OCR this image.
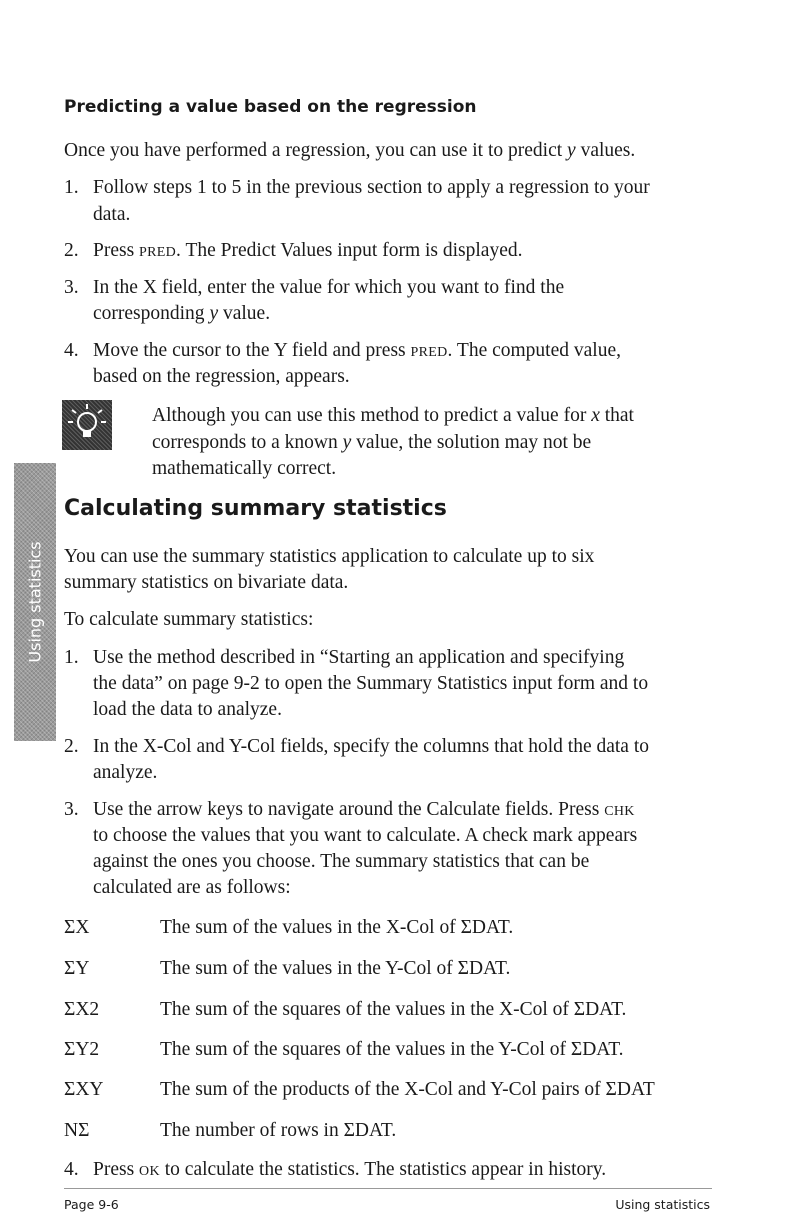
Using statistics
Predicting a value based on the regression
Once you have performed a regression, you can use it to predict y values.
1. Follow steps 1 to 5 in the previous section to apply a regression to your
data.
2. Press PRED. The Predict Values input form is displayed.
3. In the X field, enter the value for which you want to find the
corresponding y value.
4. Move the cursor to the Y field and press PRED. The computed value,
based on the regression, appears.
Although you can use this method to predict a value for x that
corresponds to a known y value, the solution may not be
mathematically correct.
Calculating summary statistics
You can use the summary statistics application to calculate up to six
summary statistics on bivariate data.
To calculate summary statistics:
1. Use the method described in “Starting an application and specifying
the data” on page 9-2 to open the Summary Statistics input form and to
load the data to analyze.
2. In the X-Col and Y-Col fields, specify the columns that hold the data to
analyze.
3. Use the arrow keys to navigate around the Calculate fields. Press CHK
to choose the values that you want to calculate. A check mark appears
against the ones you choose. The summary statistics that can be
calculated are as follows:
ΣX	The sum of the values in the X-Col of ΣDAT.
ΣY	The sum of the values in the Y-Col of ΣDAT.
ΣX2	The sum of the squares of the values in the X-Col of ΣDAT.
ΣY2	The sum of the squares of the values in the Y-Col of ΣDAT.
ΣXY	The sum of the products of the X-Col and Y-Col pairs of ΣDAT
NΣ	The number of rows in ΣDAT.
4. Press OK to calculate the statistics. The statistics appear in history.
Page 9-6	Using statistics
